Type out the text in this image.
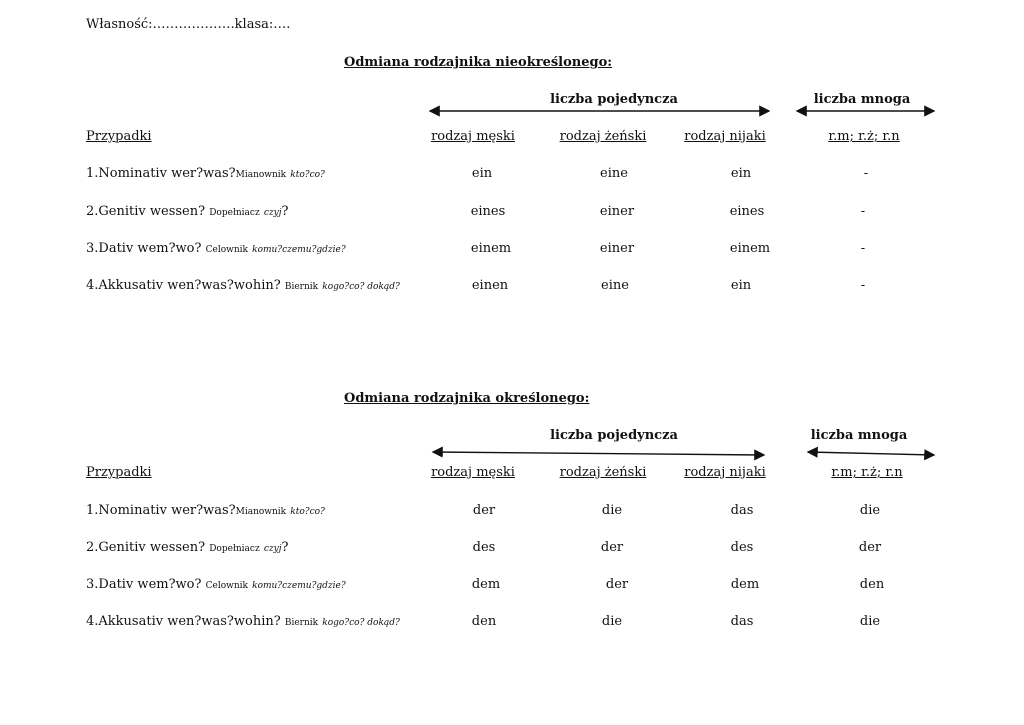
Własność:……………….klasa:….
Odmiana rodzajnika nieokreślonego:
liczba pojedyncza	liczba mnoga
Przypadki	rodzaj męski	rodzaj żeński	rodzaj nijaki	r.m; r.ż; r.n
1.Nominativ wer?was?Mianownik kto?co?	ein	eine	ein	-
2.Genitiv wessen? Dopełniacz czyj?	eines	einer	eines	-
3.Dativ wem?wo? Celownik komu?czemu?gdzie?	einem	einer	einem	-
4.Akkusativ wen?was?wohin? Biernik kogo?co? dokąd?	einen	eine	ein	-
Odmiana rodzajnika określonego:
liczba pojedyncza	liczba mnoga
Przypadki	rodzaj męski	rodzaj żeński	rodzaj nijaki	r.m; r.ż; r.n
1.Nominativ wer?was?Mianownik kto?co?	der	die	das	die
2.Genitiv wessen? Dopełniacz czyj?	des	der	des	der
3.Dativ wem?wo? Celownik komu?czemu?gdzie?	dem	der	dem	den
4.Akkusativ wen?was?wohin? Biernik kogo?co? dokąd?	den	die	das	die
